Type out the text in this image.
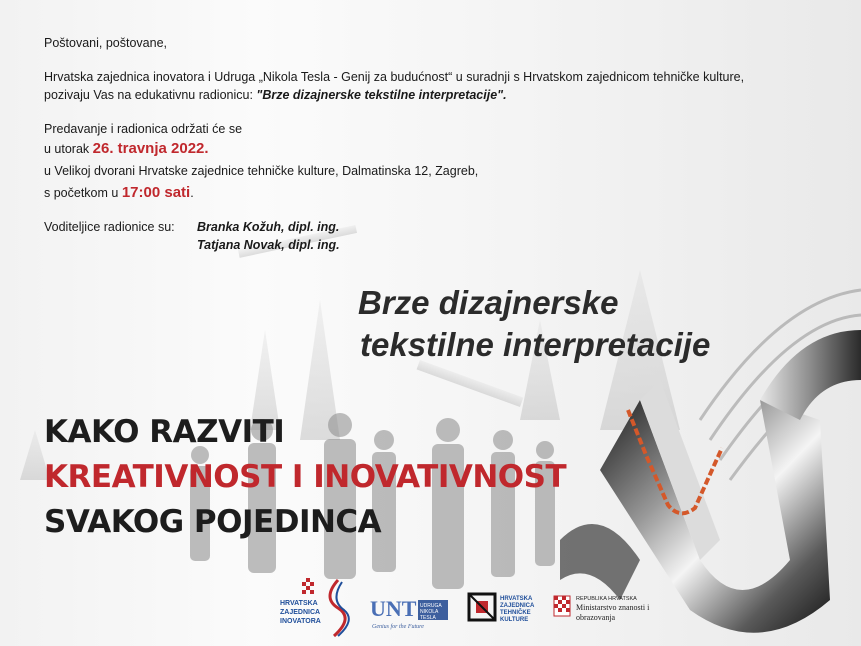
Poštovani, poštovane,

Hrvatska zajednica inovatora i Udruga „Nikola Tesla - Genij za budućnost“ u suradnji s Hrvatskom zajednicom tehničke kulture,

pozivaju Vas na edukativnu radionicu: "Brze dizajnerske tekstilne interpretacije".

Predavanje i radionica održati će se

u utorak 26. travnja 2022.

u Velikoj dvorani Hrvatske zajednice tehničke kulture, Dalmatinska 12, Zagreb,

s početkom u 17:00 sati.

Voditeljice radionice su:	Branka Kožuh, dipl. ing.
Tatjana Novak, dipl. ing.
Brze dizajnerske
tekstilne interpretacije
KAKO RAZVITI
KREATIVNOST I INOVATIVNOST
SVAKOG POJEDINCA
HRVATSKA
ZAJEDNICA
INOVATORA
UNT UDRUGA
NIKOLA
TESLA
Genius for the Future
HRVATSKA
ZAJEDNICA
TEHNIČKE
KULTURE
REPUBLIKA HRVATSKA
Ministarstvo znanosti i
obrazovanja
